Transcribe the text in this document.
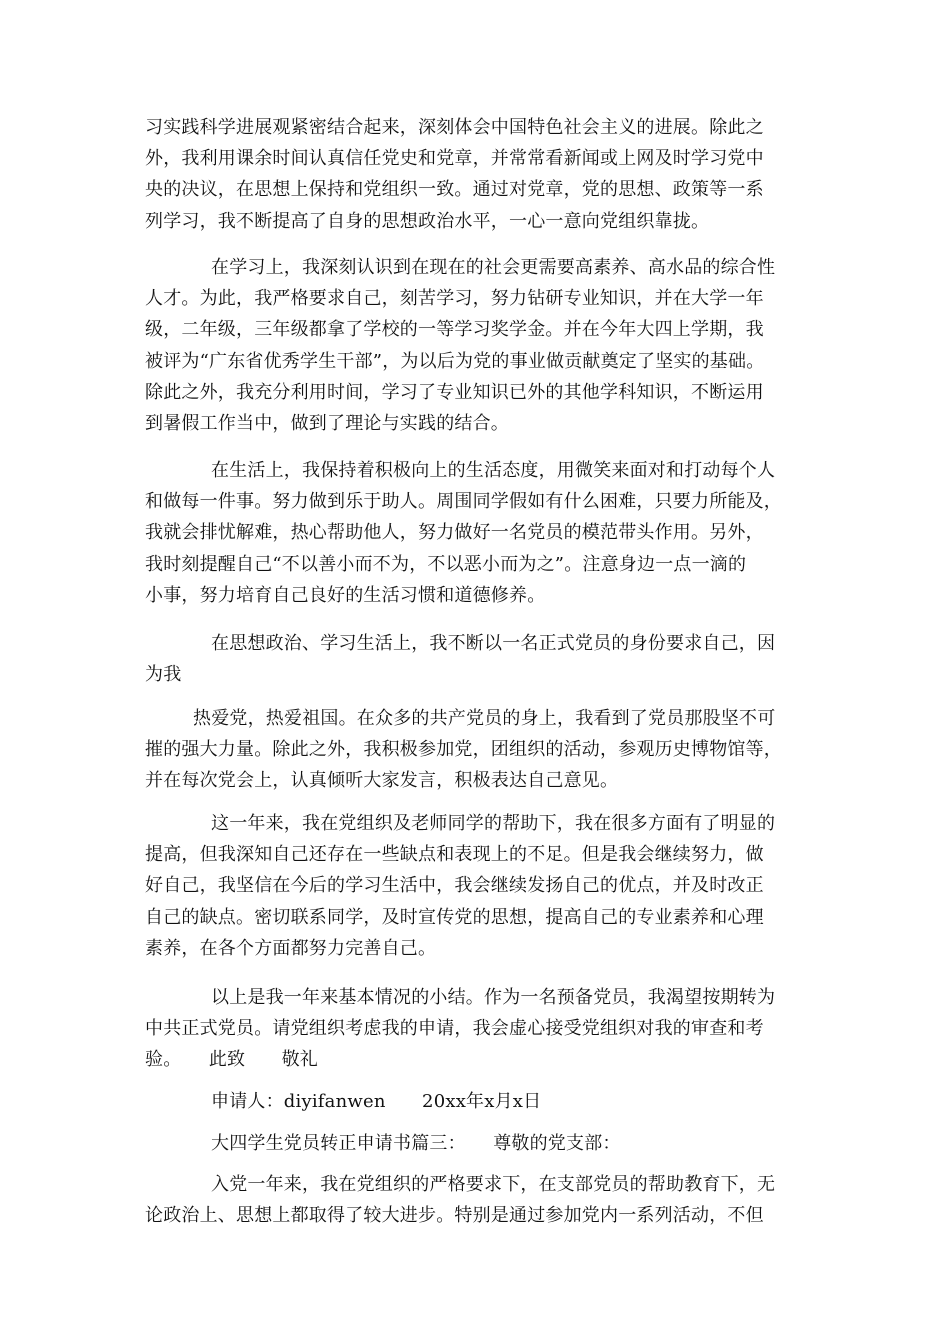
习实践科学进展观紧密结合起来，深刻体会中国特色社会主义的进展。除此之
外，我利用课余时间认真信任党史和党章，并常常看新闻或上网及时学习党中
央的决议，在思想上保持和党组织一致。通过对党章，党的思想、政策等一系
列学习，我不断提高了自身的思想政治水平，一心一意向党组织靠拢。
在学习上，我深刻认识到在现在的社会更需要高素养、高水品的综合性
人才。为此，我严格要求自己，刻苦学习，努力钻研专业知识，并在大学一年
级，二年级，三年级都拿了学校的一等学习奖学金。并在今年大四上学期，我
被评为“广东省优秀学生干部”，为以后为党的事业做贡献奠定了坚实的基础。
除此之外，我充分利用时间，学习了专业知识已外的其他学科知识，不断运用
到暑假工作当中，做到了理论与实践的结合。
在生活上，我保持着积极向上的生活态度，用微笑来面对和打动每个人
和做每一件事。努力做到乐于助人。周围同学假如有什么困难，只要力所能及，
我就会排忧解难，热心帮助他人，努力做好一名党员的模范带头作用。另外，
我时刻提醒自己“不以善小而不为，不以恶小而为之”。注意身边一点一滴的
小事，努力培育自己良好的生活习惯和道德修养。
在思想政治、学习生活上，我不断以一名正式党员的身份要求自己，因
为我
热爱党，热爱祖国。在众多的共产党员的身上，我看到了党员那股坚不可
摧的强大力量。除此之外，我积极参加党，团组织的活动，参观历史博物馆等，
并在每次党会上，认真倾听大家发言，积极表达自己意见。
这一年来，我在党组织及老师同学的帮助下，我在很多方面有了明显的
提高，但我深知自己还存在一些缺点和表现上的不足。但是我会继续努力，做
好自己，我坚信在今后的学习生活中，我会继续发扬自己的优点，并及时改正
自己的缺点。密切联系同学，及时宣传党的思想，提高自己的专业素养和心理
素养，在各个方面都努力完善自己。
以上是我一年来基本情况的小结。作为一名预备党员，我渴望按期转为
中共正式党员。请党组织考虑我的申请，我会虚心接受党组织对我的审查和考
验。　　此致　　敬礼
申请人：diyifanwen　　20xx年x月x日
大四学生党员转正申请书篇三：　　尊敬的党支部：
入党一年来，我在党组织的严格要求下，在支部党员的帮助教育下，无
论政治上、思想上都取得了较大进步。特别是通过参加党内一系列活动，不但
